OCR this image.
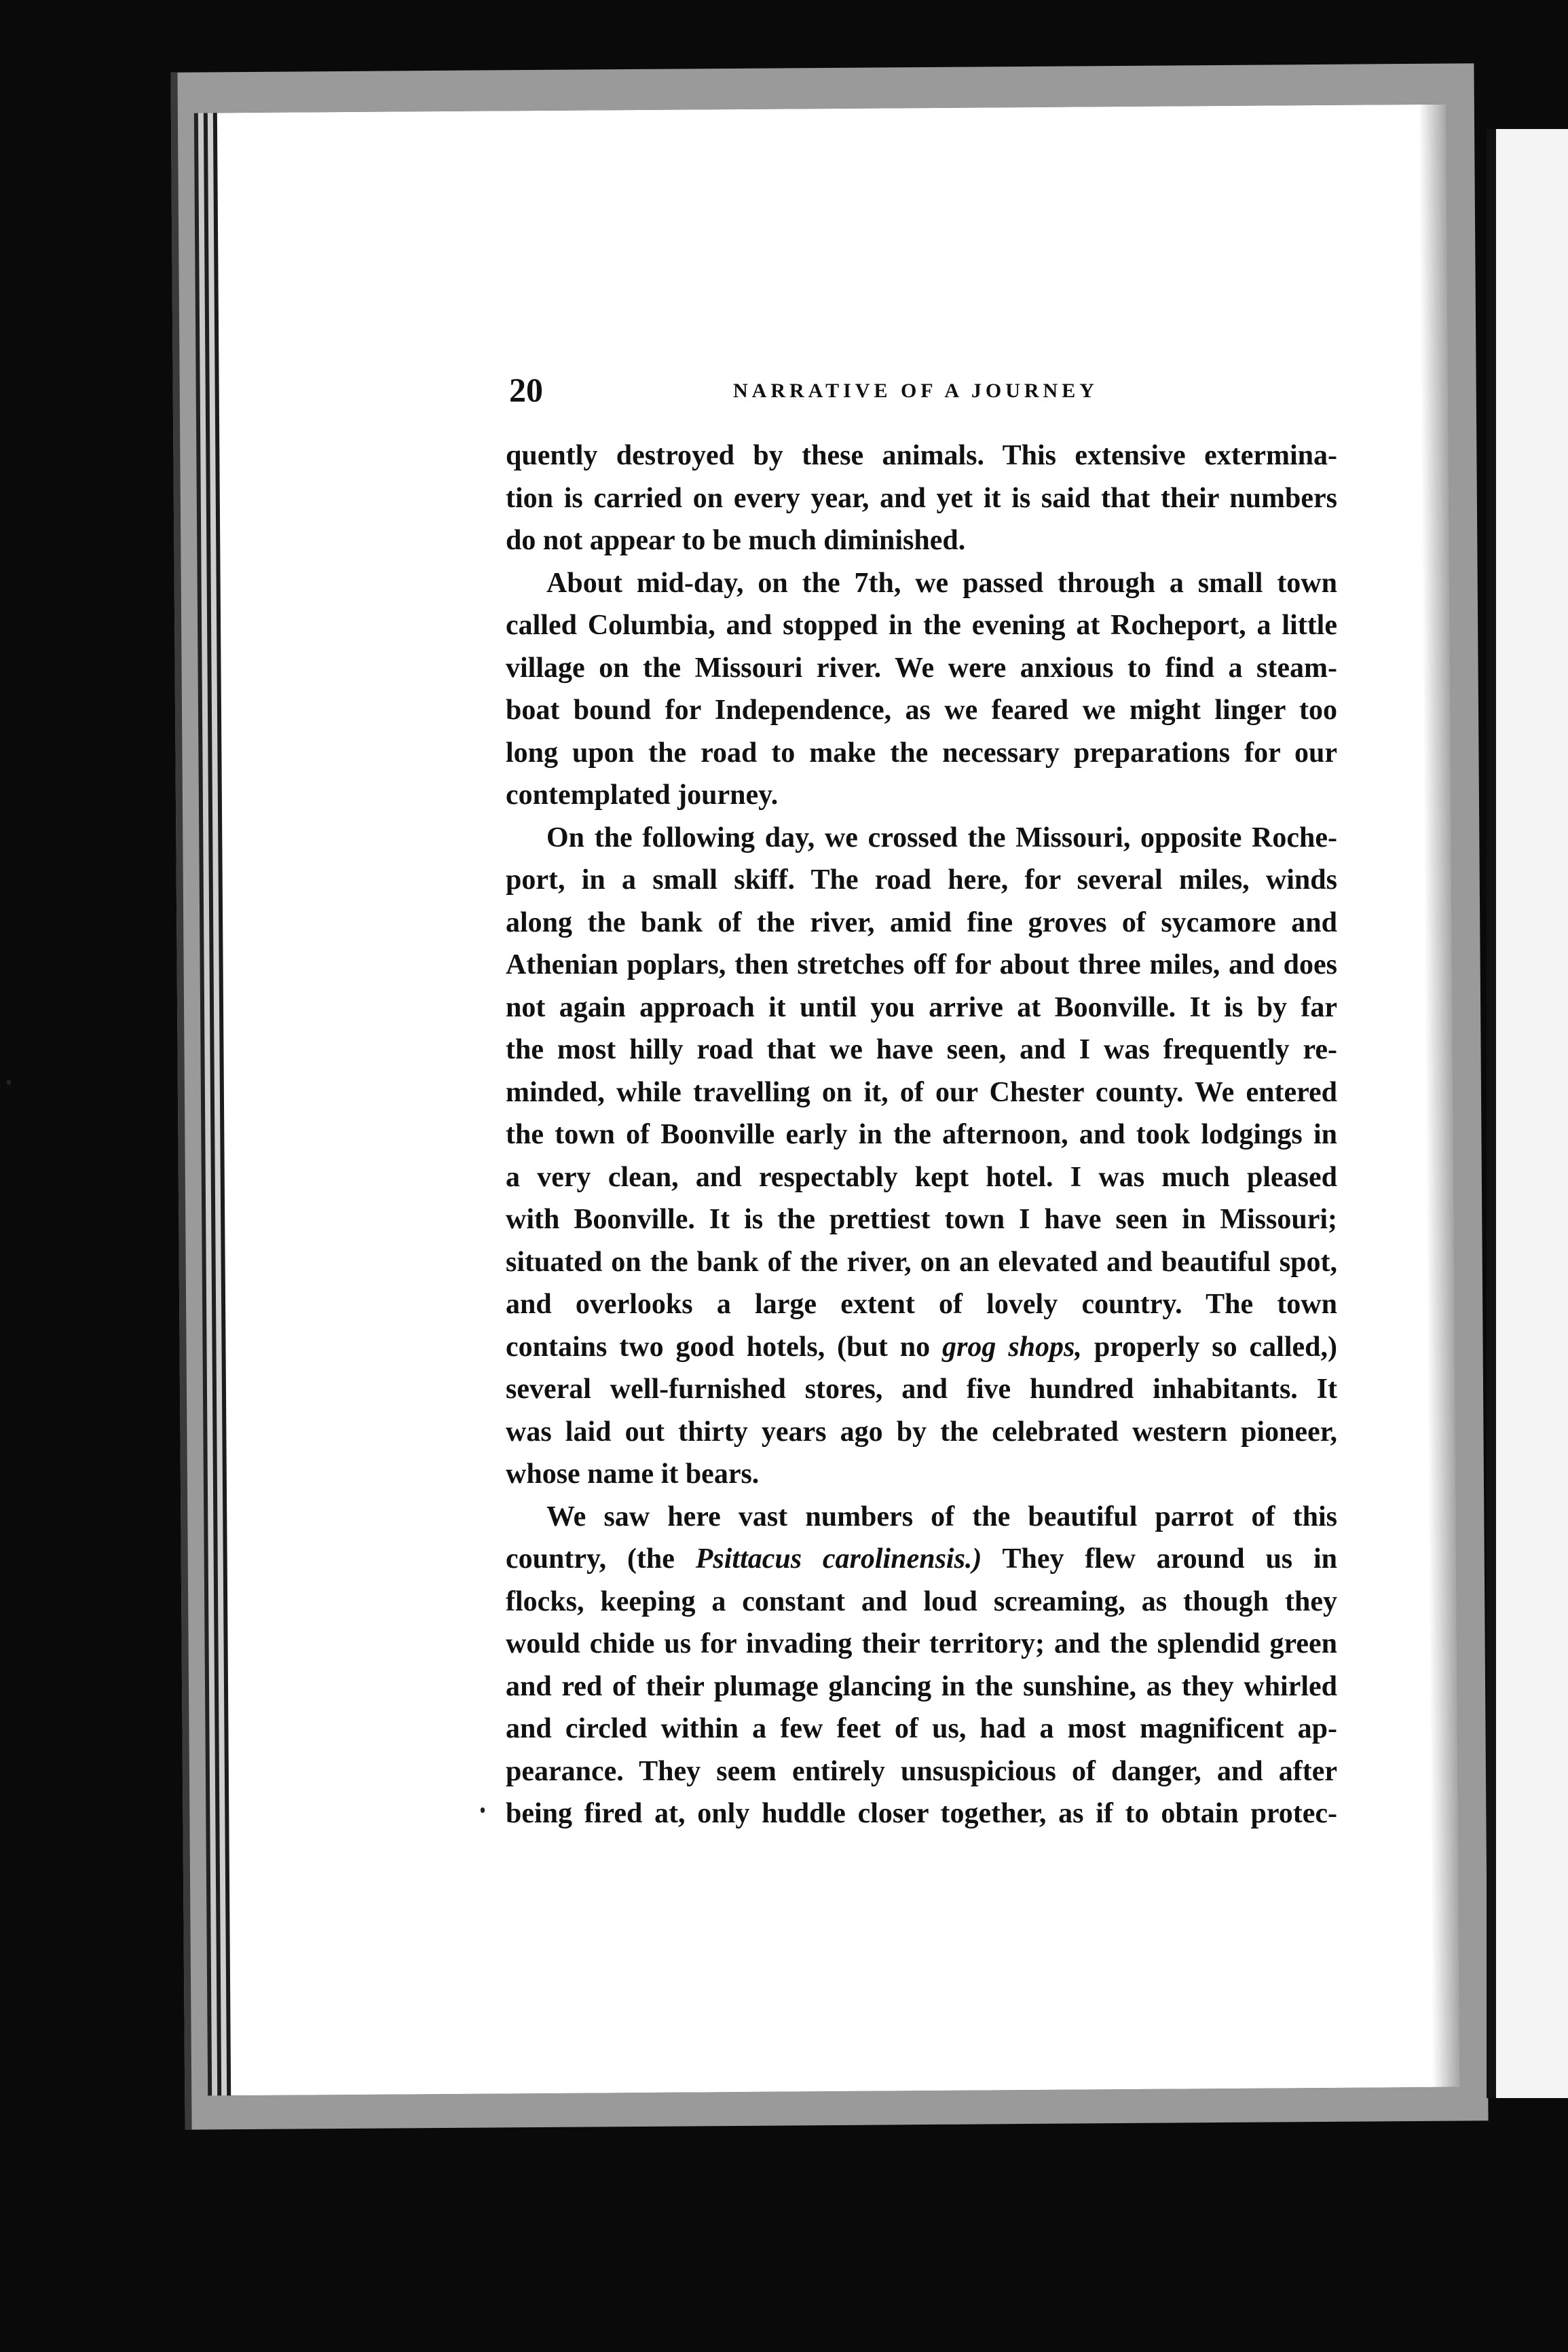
20	NARRATIVE OF A JOURNEY

quently destroyed by these animals. This extensive extermina-
tion is carried on every year, and yet it is said that their numbers
do not appear to be much diminished.

About mid-day, on the 7th, we passed through a small town
called Columbia, and stopped in the evening at Rocheport, a little
village on the Missouri river. We were anxious to find a steam-
boat bound for Independence, as we feared we might linger too
long upon the road to make the necessary preparations for our
contemplated journey.

On the following day, we crossed the Missouri, opposite Roche-
port, in a small skiff. The road here, for several miles, winds
along the bank of the river, amid fine groves of sycamore and
Athenian poplars, then stretches off for about three miles, and does
not again approach it until you arrive at Boonville. It is by far
the most hilly road that we have seen, and I was frequently re-
minded, while travelling on it, of our Chester county. We entered
the town of Boonville early in the afternoon, and took lodgings in
a very clean, and respectably kept hotel. I was much pleased
with Boonville. It is the prettiest town I have seen in Missouri;
situated on the bank of the river, on an elevated and beautiful spot,
and overlooks a large extent of lovely country. The town
contains two good hotels, (but no grog shops, properly so called,)
several well-furnished stores, and five hundred inhabitants. It
was laid out thirty years ago by the celebrated western pioneer,
whose name it bears.

We saw here vast numbers of the beautiful parrot of this
country, (the Psittacus carolinensis.) They flew around us in
flocks, keeping a constant and loud screaming, as though they
would chide us for invading their territory; and the splendid green
and red of their plumage glancing in the sunshine, as they whirled
and circled within a few feet of us, had a most magnificent ap-
pearance. They seem entirely unsuspicious of danger, and after
being fired at, only huddle closer together, as if to obtain protec-
